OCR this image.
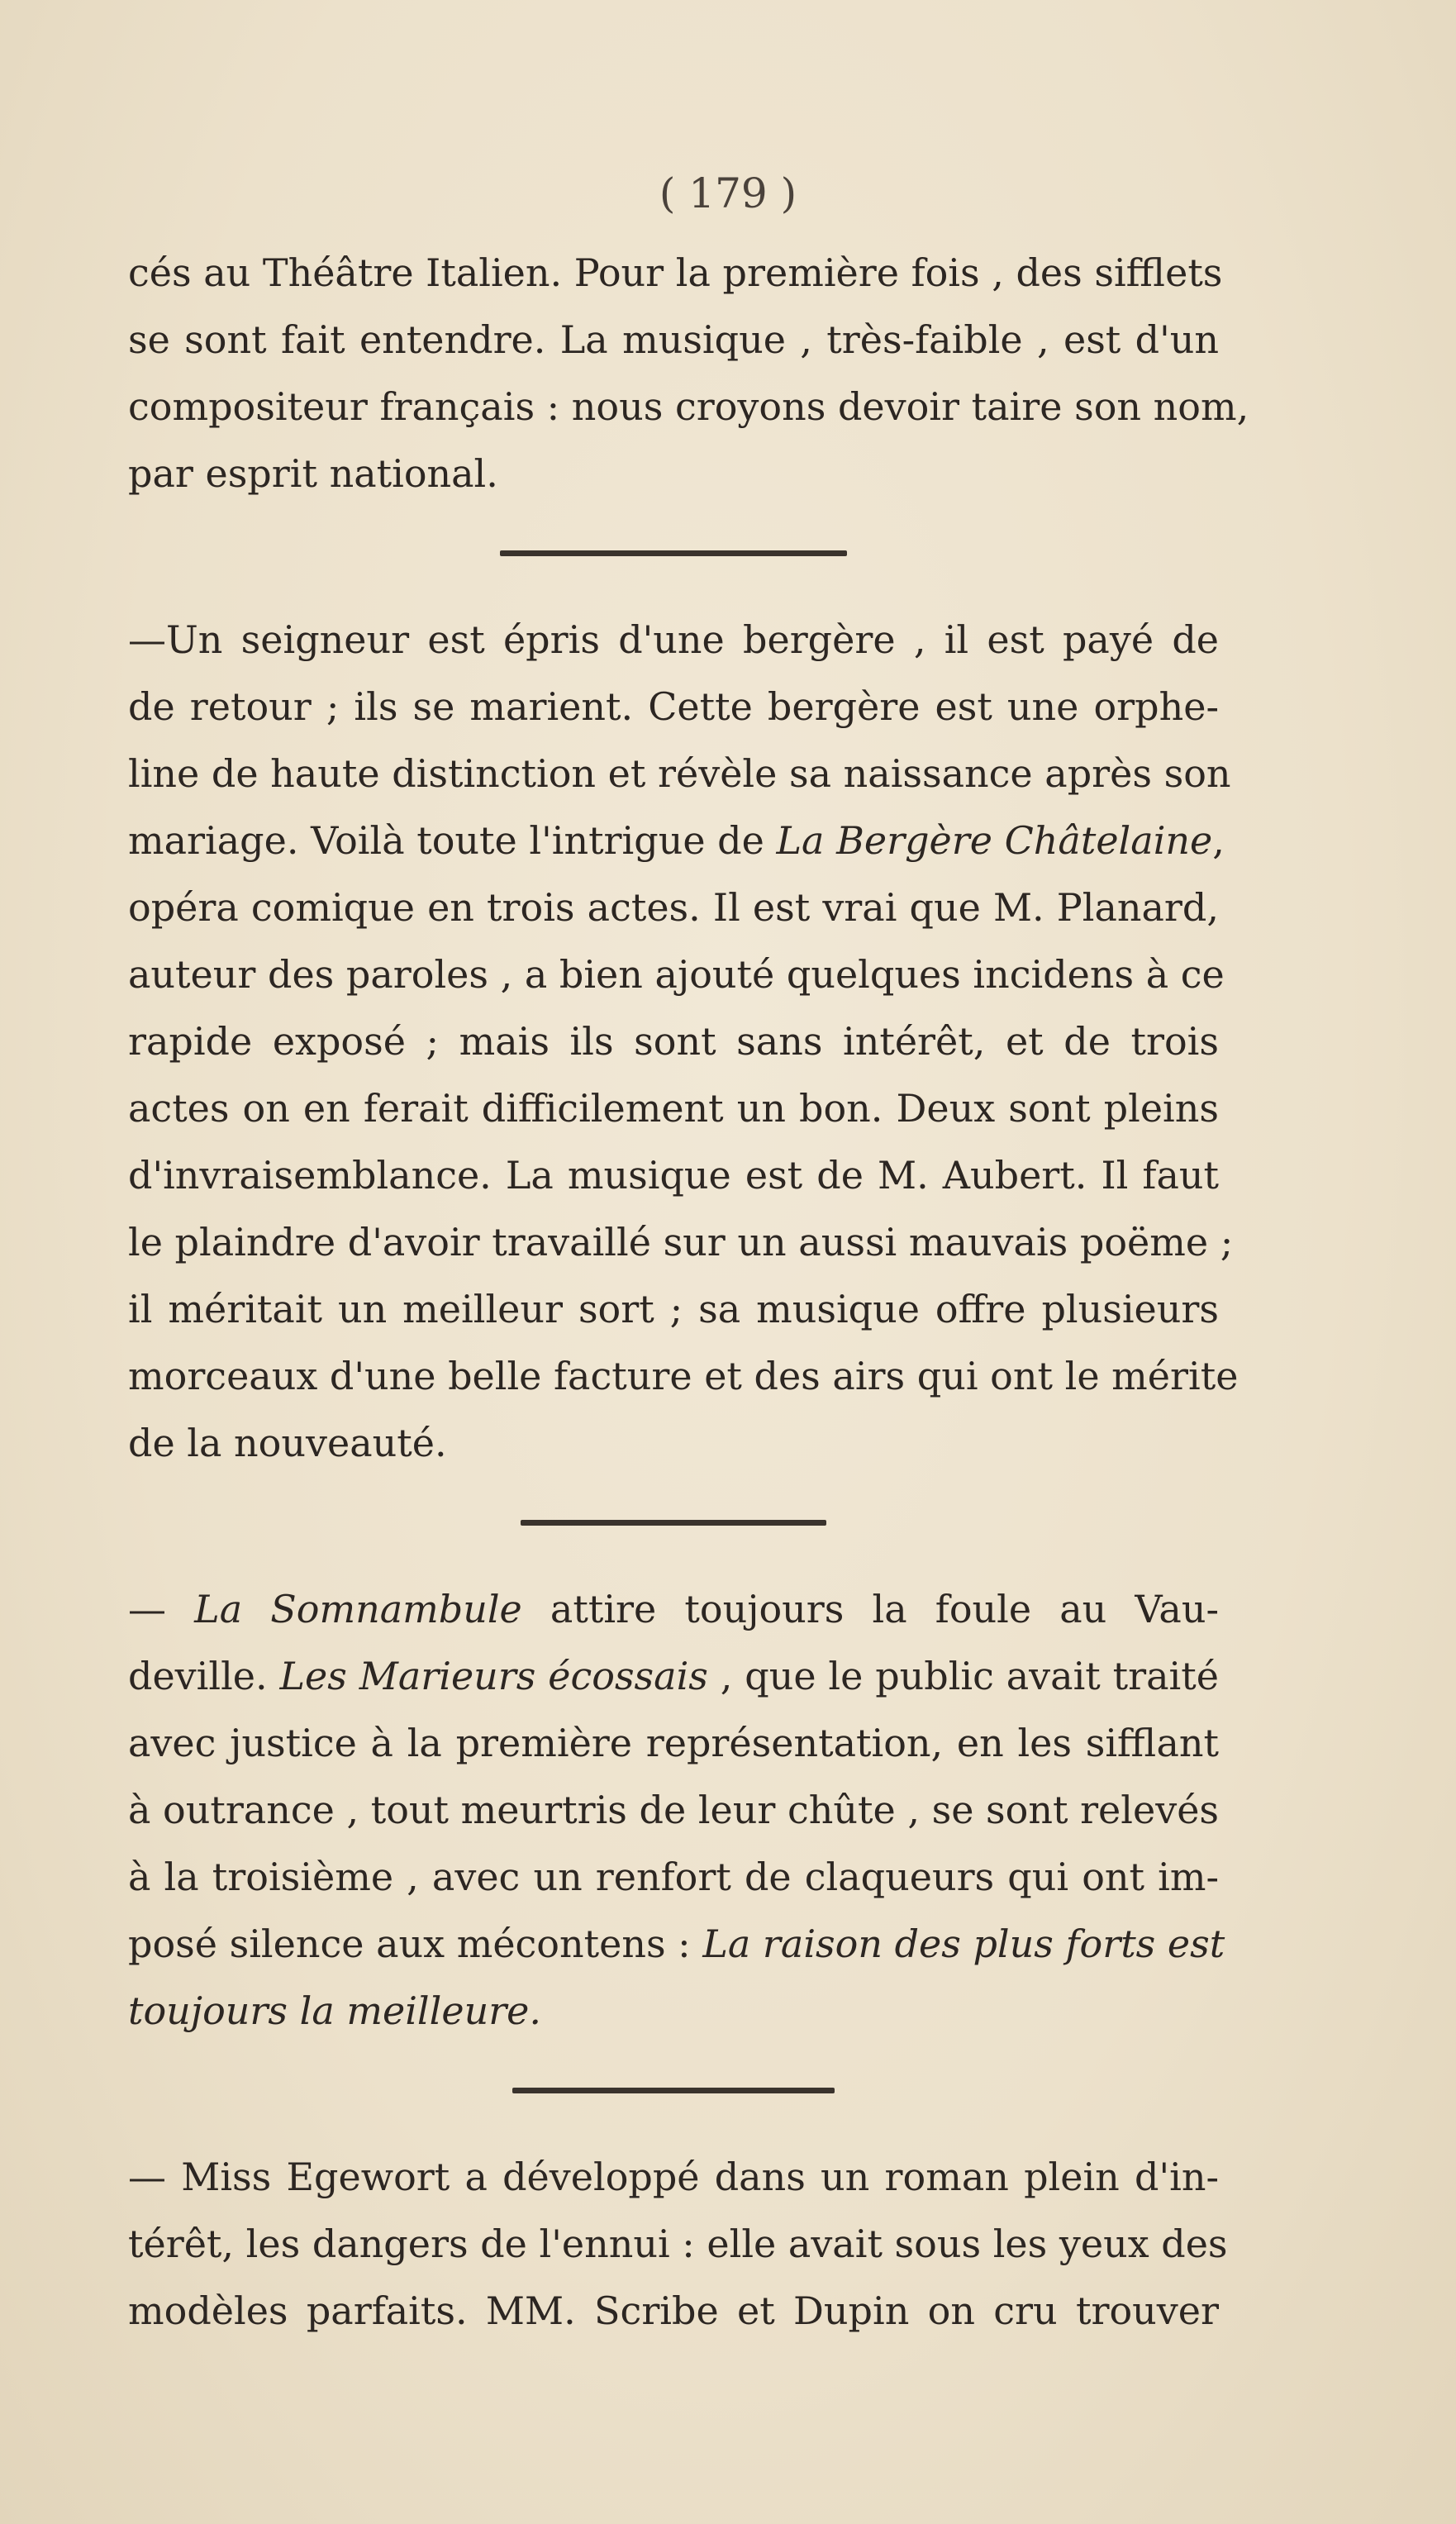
( 179 )
cés au Théâtre Italien. Pour la première fois , des sifflets
se sont fait entendre. La musique , très-faible , est d'un
compositeur français : nous croyons devoir taire son nom,
par esprit national.
—Un seigneur est épris d'une bergère , il est payé de
de retour ; ils se marient. Cette bergère est une orphe-
line de haute distinction et révèle sa naissance après son
mariage. Voilà toute l'intrigue de La Bergère Châtelaine,
opéra comique en trois actes. Il est vrai que M. Planard,
auteur des paroles , a bien ajouté quelques incidens à ce
rapide exposé ; mais ils sont sans intérêt, et de trois
actes on en ferait difficilement un bon. Deux sont pleins
d'invraisemblance. La musique est de M. Aubert. Il faut
le plaindre d'avoir travaillé sur un aussi mauvais poëme ;
il méritait un meilleur sort ; sa musique offre plusieurs
morceaux d'une belle facture et des airs qui ont le mérite
de la nouveauté.
— La Somnambule attire toujours la foule au Vau-
deville. Les Marieurs écossais , que le public avait traité
avec justice à la première représentation, en les sifflant
à outrance , tout meurtris de leur chûte , se sont relevés
à la troisième , avec un renfort de claqueurs qui ont im-
posé silence aux mécontens : La raison des plus forts est
toujours la meilleure.
— Miss Egewort a développé dans un roman plein d'in-
térêt, les dangers de l'ennui : elle avait sous les yeux des
modèles parfaits. MM. Scribe et Dupin on cru trouver
